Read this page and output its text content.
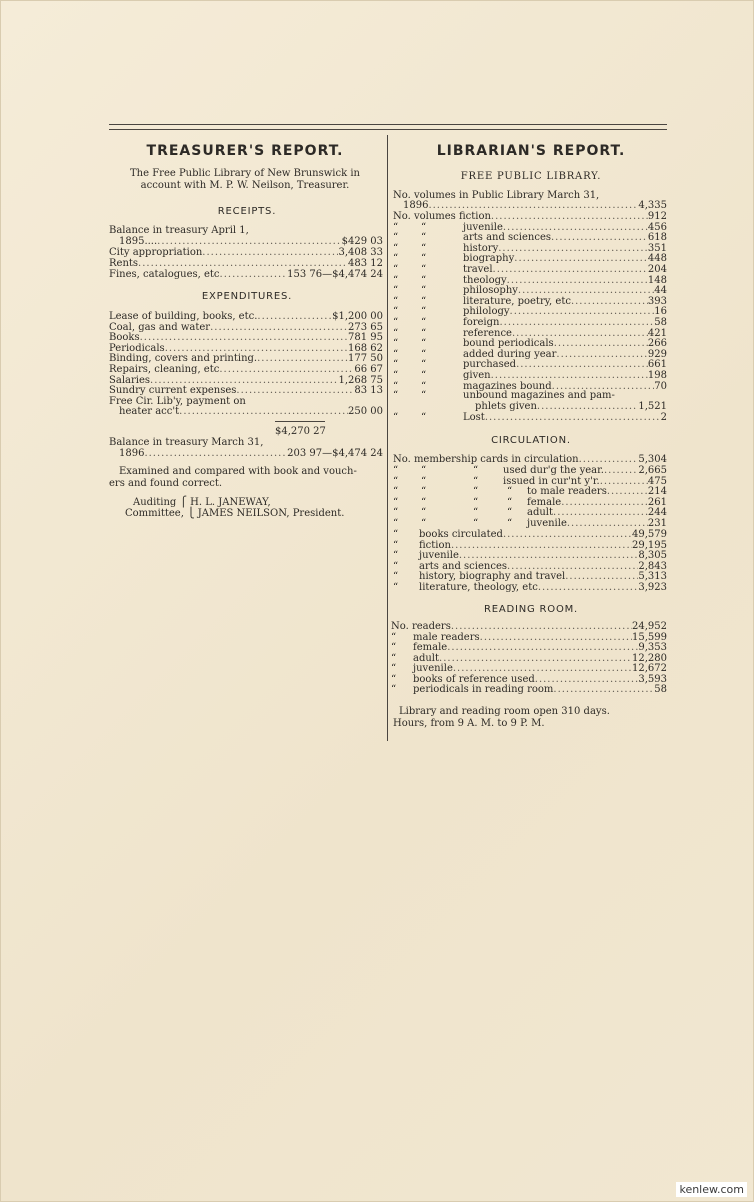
TREASURER'S REPORT.
The Free Public Library of New Brunswick in
account with M. P. W. Neilson, Treasurer.
RECEIPTS.
Balance in treasury April 1,
1895.... .....	$429 03
City appropriation .....	3,408 33
Rents .....	483 12
Fines, catalogues, etc .....	153 76—$4,474 24
EXPENDITURES.
Lease of building, books, etc. .....	$1,200 00
Coal, gas and water .....	273 65
Books .....	781 95
Periodicals .....	168 62
Binding, covers and printing. .....	177 50
Repairs, cleaning, etc .....	66 67
Salaries .....	1,268 75
Sundry current expenses .....	83 13
Free Cir. Lib'y, payment on
heater acc't .....	250 00
$4,270 27
Balance in treasury March 31,
1896 .....	203 97—$4,474 24
Examined and compared with book and vouch-
ers and found correct.
Auditing ⎧ H. L. JANEWAY,
Committee, ⎩ JAMES NEILSON, President.
LIBRARIAN'S REPORT.
FREE PUBLIC LIBRARY.
No. volumes in Public Library March 31,
1896 .....	4,335
No. volumes fiction .....	912
“	“	juvenile .....	456
“	“	arts and sciences .....	618
“	“	history .....	351
“	“	biography .....	448
“	“	travel .....	204
“	“	theology .....	148
“	“	philosophy .....	44
“	“	literature, poetry, etc .....	393
“	“	philology .....	16
“	“	foreign .....	58
“	“	reference .....	421
“	“	bound periodicals .....	266
“	“	added during year .....	929
“	“	purchased .....	661
“	“	given .....	198
“	“	magazines bound .....	70
“	“	unbound magazines and pam-
phlets given .....	1,521
“	“	Lost .....	2
CIRCULATION.
No. membership cards in circulation .....	5,304
“	“	“	used dur'g the year. .....	2,665
“	“	“	issued in cur'nt y'r. .....	475
“	“	“	“	to male readers .....	214
“	“	“	“	female .....	261
“	“	“	“	adult .....	244
“	“	“	“	juvenile .....	231
“	books circulated .....	49,579
“	fiction .....	29,195
“	juvenile .....	8,305
“	arts and sciences .....	2,843
“	history, biography and travel .....	5,313
“	literature, theology, etc .....	3,923
READING ROOM.
No. readers .....	24,952
“	male readers .....	15,599
“	female .....	9,353
“	adult .....	12,280
“	juvenile .....	12,672
“	books of reference used .....	3,593
“	periodicals in reading room .....	58
Library and reading room open 310 days.
Hours, from 9 A. M. to 9 P. M.
kenlew.com
